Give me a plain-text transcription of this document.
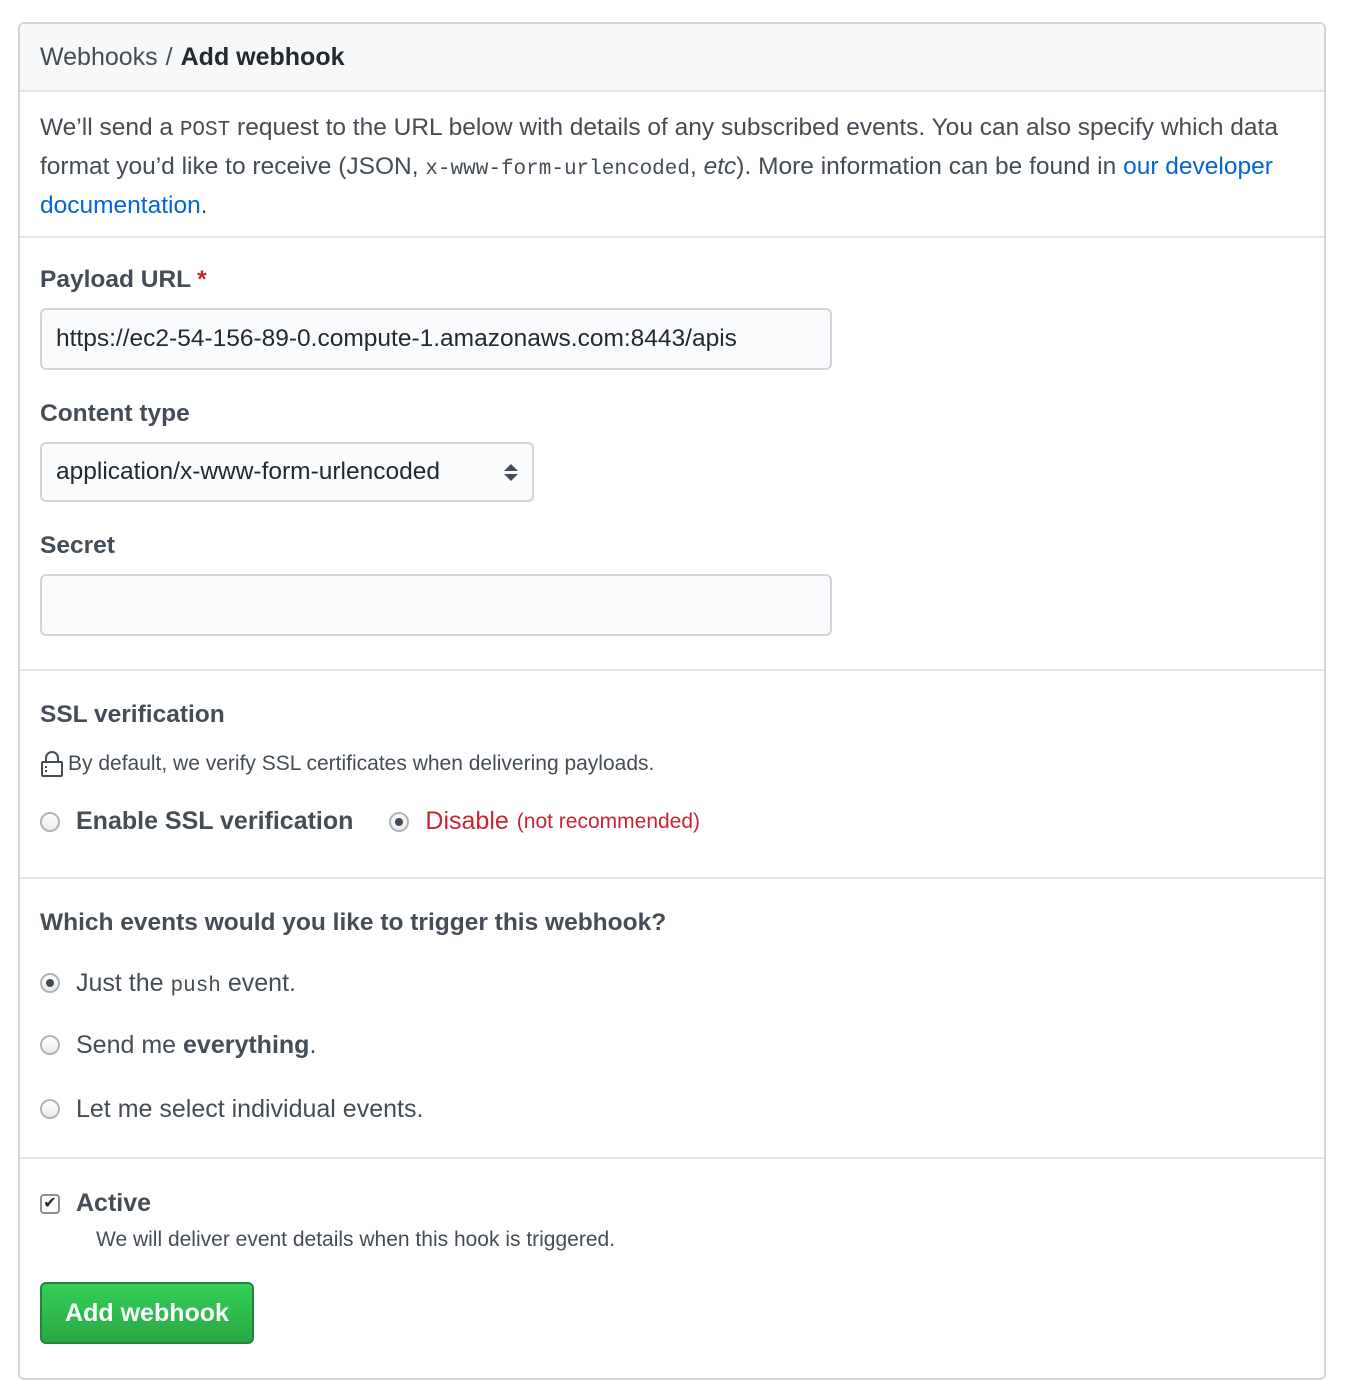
Webhooks / Add webhook
We’ll send a POST request to the URL below with details of any subscribed events. You can also specify which data format you’d like to receive (JSON, x-www-form-urlencoded, etc). More information can be found in our developer documentation.
Payload URL *
https://ec2-54-156-89-0.compute-1.amazonaws.com:8443/apis
Content type
application/x-www-form-urlencoded
Secret
SSL verification
By default, we verify SSL certificates when delivering payloads.
Enable SSL verification	Disable (not recommended)
Which events would you like to trigger this webhook?
Just the push event.
Send me everything.
Let me select individual events.
✔ Active
We will deliver event details when this hook is triggered.
Add webhook
